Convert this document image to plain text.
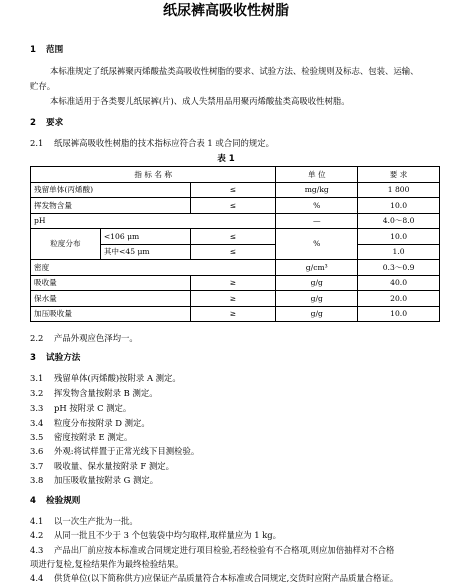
纸尿裤高吸收性树脂
1 范围
本标准规定了纸尿裤聚丙烯酸盐类高吸收性树脂的要求、试验方法、检验规则及标志、包装、运输、
贮存。
本标准适用于各类婴儿纸尿裤(片)、成人失禁用品用聚丙烯酸盐类高吸收性树脂。
2 要求
2.1 纸尿裤高吸收性树脂的技术指标应符合表 1 或合同的规定。
表 1
指 标 名 称			单 位	要 求
残留单体(丙烯酸)		≤	mg/kg	1 800
挥发物含量		≤	%	10.0
pH			—	4.0～8.0
粒度分布	<106 μm	≤	%	10.0
	其中<45 μm	≤		1.0
密度			g/cm³	0.3～0.9
吸收量		≥	g/g	40.0
保水量		≥	g/g	20.0
加压吸收量		≥	g/g	10.0
2.2 产品外观应色泽均一。
3 试验方法
3.1 残留单体(丙烯酸)按附录 A 测定。
3.2 挥发物含量按附录 B 测定。
3.3 pH 按附录 C 测定。
3.4 粒度分布按附录 D 测定。
3.5 密度按附录 E 测定。
3.6 外观:将试样置于正常光线下目测检验。
3.7 吸收量、保水量按附录 F 测定。
3.8 加压吸收量按附录 G 测定。
4 检验规则
4.1 以一次生产批为一批。
4.2 从同一批且不少于 3 个包装袋中均匀取样,取样量应为 1 kg。
4.3 产品出厂前应按本标准或合同规定进行项目检验,若经检验有不合格项,则应加倍抽样对不合格
项进行复检,复检结果作为最终检验结果。
4.4 供货单位(以下简称供方)应保证产品质量符合本标准或合同规定,交货时应附产品质量合格证。
